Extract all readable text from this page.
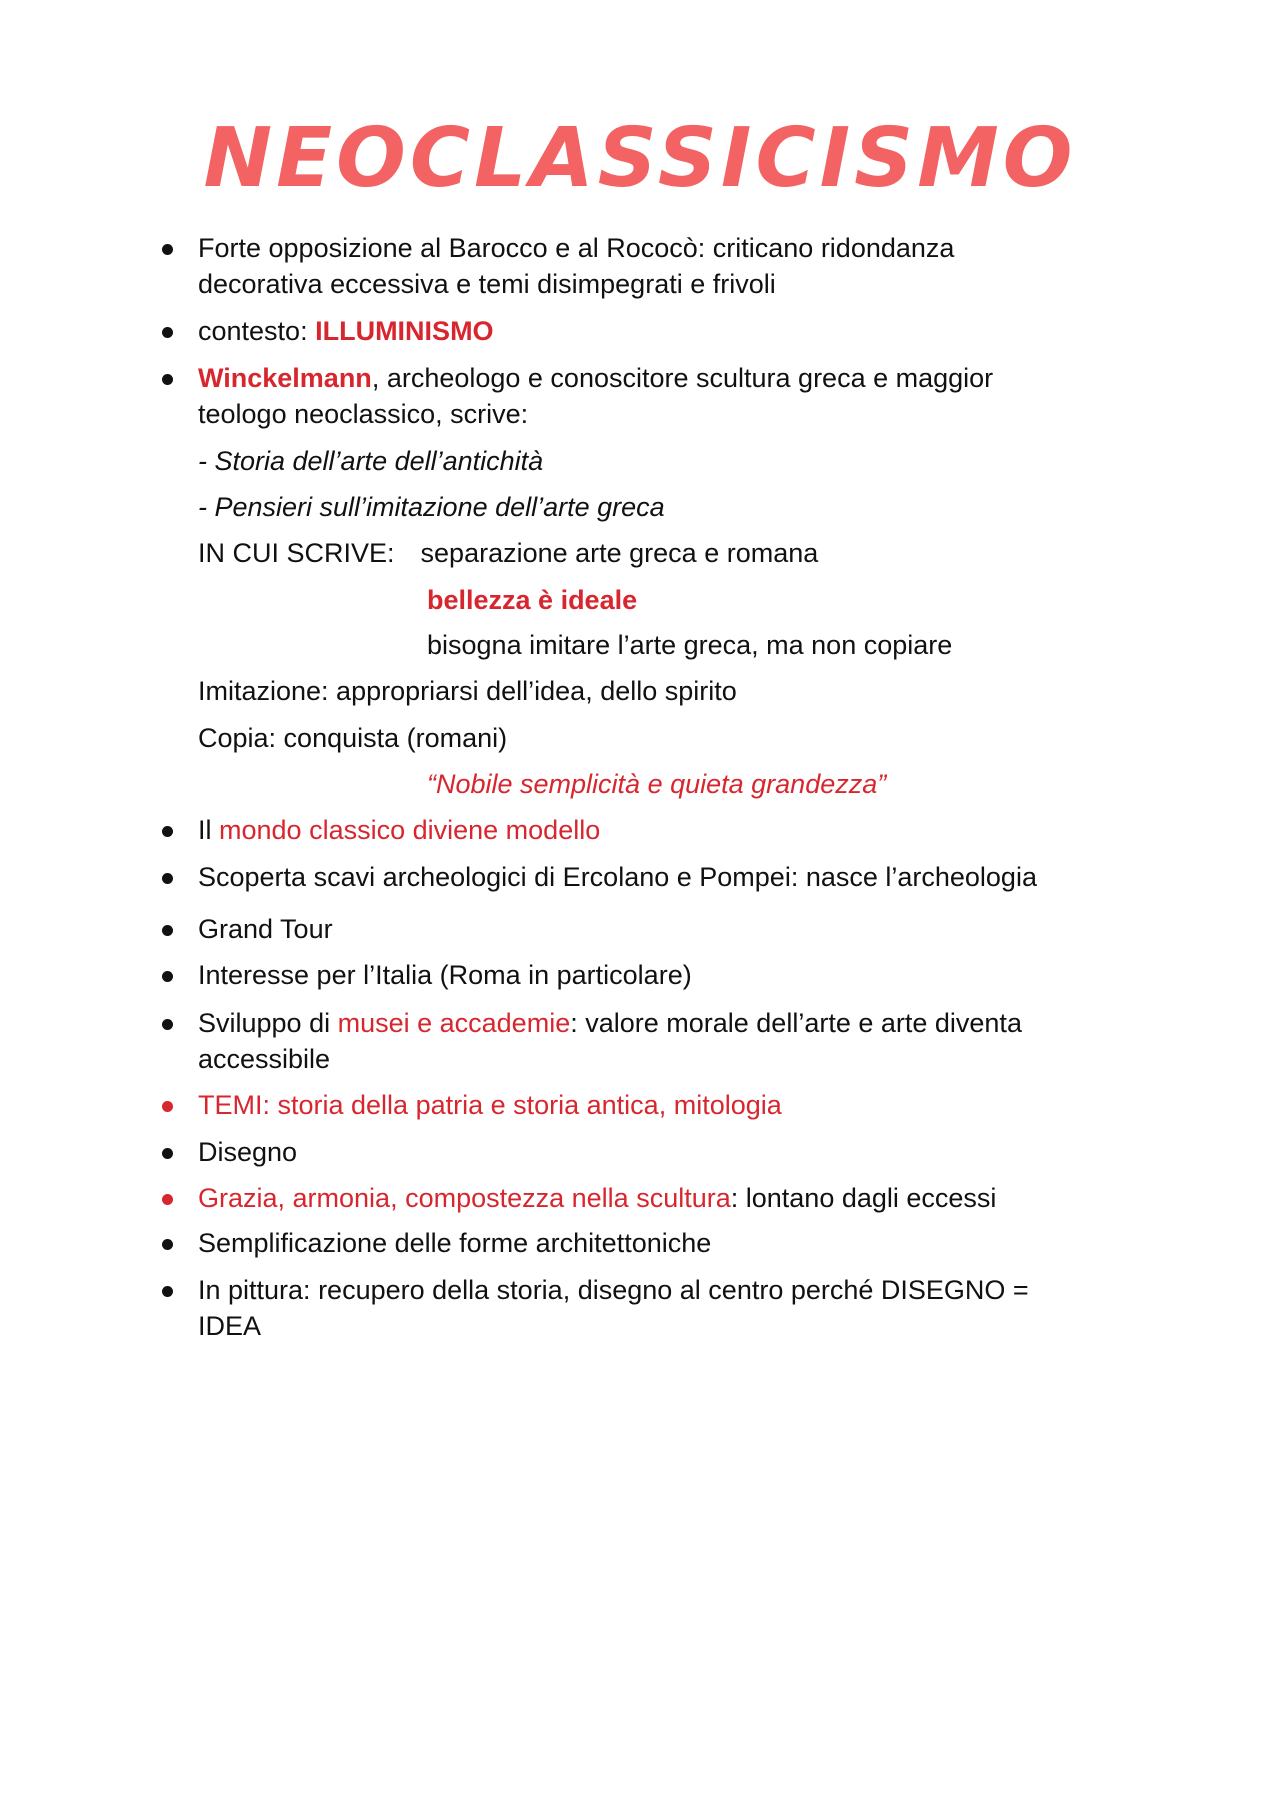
NEOCLASSICISMO
Forte opposizione al Barocco e al Rococò: criticano ridondanza
decorativa eccessiva e temi disimpegrati e frivoli
contesto: ILLUMINISMO
Winckelmann, archeologo e conoscitore scultura greca e maggior
teologo neoclassico, scrive:
- Storia dell’arte dell’antichità
- Pensieri sull’imitazione dell’arte greca
IN CUI SCRIVE: separazione arte greca e romana
bellezza è ideale
bisogna imitare l’arte greca, ma non copiare
Imitazione: appropriarsi dell’idea, dello spirito
Copia: conquista (romani)
“Nobile semplicità e quieta grandezza”
Il mondo classico diviene modello
Scoperta scavi archeologici di Ercolano e Pompei: nasce l’archeologia
Grand Tour
Interesse per l’Italia (Roma in particolare)
Sviluppo di musei e accademie: valore morale dell’arte e arte diventa
accessibile
TEMI: storia della patria e storia antica, mitologia
Disegno
Grazia, armonia, compostezza nella scultura: lontano dagli eccessi
Semplificazione delle forme architettoniche
In pittura: recupero della storia, disegno al centro perché DISEGNO =
IDEA
